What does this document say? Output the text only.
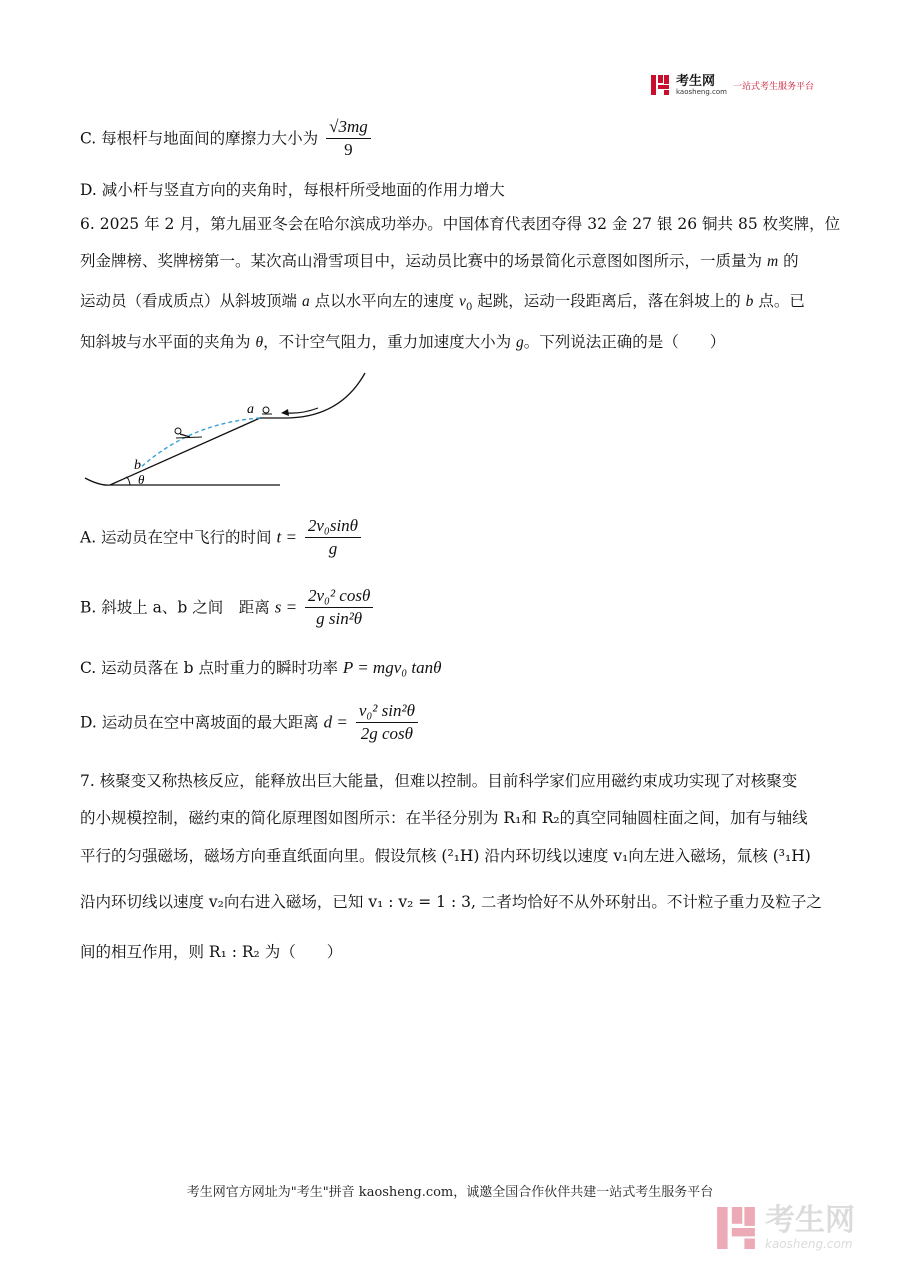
考生网
kaosheng.com 一站式考生服务平台
C. 每根杆与地面间的摩擦力大小为 $\frac{√3mg}{9}$
D. 减小杆与竖直方向的夹角时，每根杆所受地面的作用力增大
6. 2025 年 2 月，第九届亚冬会在哈尔滨成功举办。中国体育代表团夺得 32 金 27 银 26 铜共 85 枚奖牌，位
列金牌榜、奖牌榜第一。某次高山滑雪项目中，运动员比赛中的场景简化示意图如图所示，一质量为 m 的
运动员（看成质点）从斜坡顶端 a 点以水平向左的速度 $v_0$ 起跳，运动一段距离后，落在斜坡上的 b 点。已
知斜坡与水平面的夹角为 θ，不计空气阻力，重力加速度大小为 g。下列说法正确的是（　　）
a
b
θ
A. 运动员在空中飞行的时间 $t = \frac{\text{2v₀sinθ}}{g}$
B. 斜坡上 a、b 之间　距离 $s = \frac{\text{2v₀² cosθ}}{\text{g sin²θ}}$
C. 运动员落在 b 点时重力的瞬时功率 P = mgv₀ tanθ
D. 运动员在空中离坡面的最大距离 $d = \frac{\text{v₀² sin²θ}}{\text{2g cosθ}}$
7. 核聚变又称热核反应，能释放出巨大能量，但难以控制。目前科学家们应用磁约束成功实现了对核聚变
的小规模控制，磁约束的简化原理图如图所示：在半径分别为 R₁和 R₂的真空同轴圆柱面之间，加有与轴线
平行的匀强磁场，磁场方向垂直纸面向里。假设氘核 (²₁H) 沿内环切线以速度 v₁向左进入磁场，氚核 (³₁H)
沿内环切线以速度 v₂向右进入磁场，已知 v₁ : v₂ = 1 : 3, 二者均恰好不从外环射出。不计粒子重力及粒子之
间的相互作用，则 R₁ : R₂ 为（　　）
考生网官方网址为"考生"拼音 kaosheng.com，诚邀全国合作伙伴共建一站式考生服务平台
考生网
kaosheng.com
